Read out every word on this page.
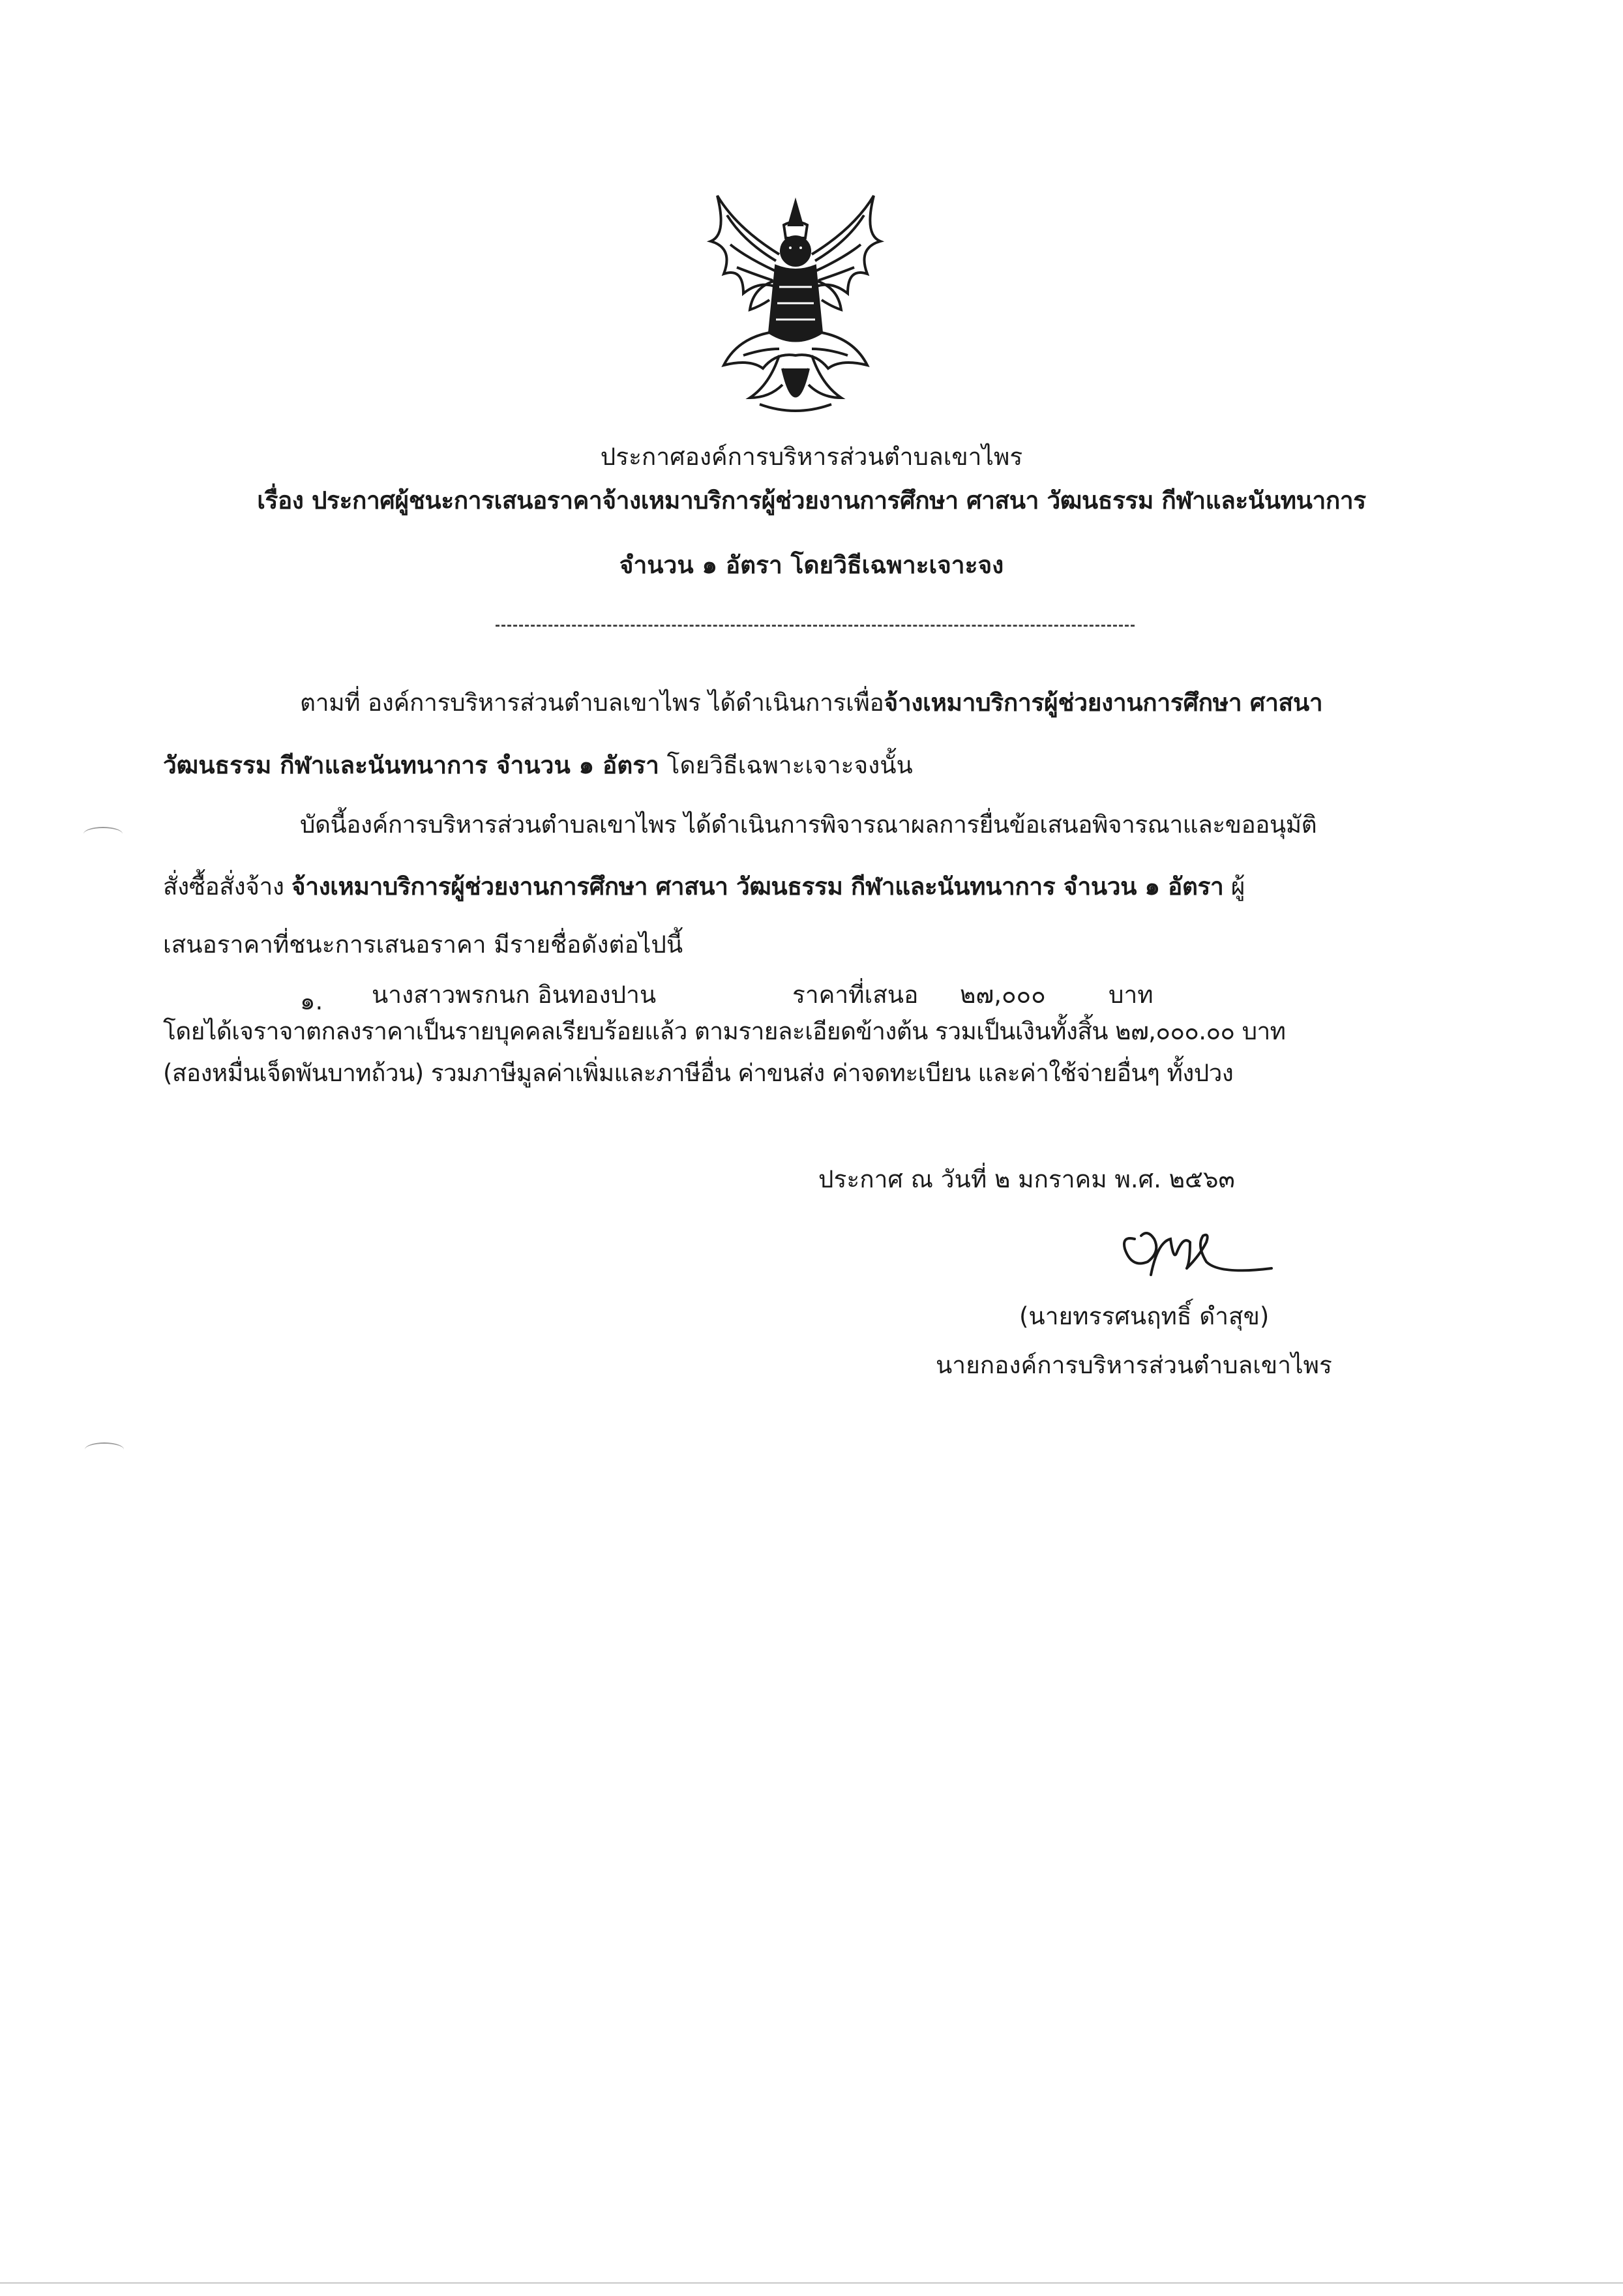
ประกาศองค์การบริหารส่วนตำบลเขาไพร
เรื่อง ประกาศผู้ชนะการเสนอราคาจ้างเหมาบริการผู้ช่วยงานการศึกษา ศาสนา วัฒนธรรม กีฬาและนันทนาการ
จำนวน ๑ อัตรา โดยวิธีเฉพาะเจาะจง
ตามที่ องค์การบริหารส่วนตำบลเขาไพร ได้ดำเนินการเพื่อจ้างเหมาบริการผู้ช่วยงานการศึกษา ศาสนา
วัฒนธรรม กีฬาและนันทนาการ จำนวน ๑ อัตรา โดยวิธีเฉพาะเจาะจงนั้น
บัดนี้องค์การบริหารส่วนตำบลเขาไพร ได้ดำเนินการพิจารณาผลการยื่นข้อเสนอพิจารณาและขออนุมัติ
สั่งซื้อสั่งจ้าง จ้างเหมาบริการผู้ช่วยงานการศึกษา ศาสนา วัฒนธรรม กีฬาและนันทนาการ จำนวน ๑ อัตรา ผู้
เสนอราคาที่ชนะการเสนอราคา มีรายชื่อดังต่อไปนี้
๑. นางสาวพรกนก อินทองปาน	ราคาที่เสนอ ๒๗,๐๐๐	บาท
โดยได้เจราจาตกลงราคาเป็นรายบุคคลเรียบร้อยแล้ว ตามรายละเอียดข้างต้น รวมเป็นเงินทั้งสิ้น ๒๗,๐๐๐.๐๐ บาท
(สองหมื่นเจ็ดพันบาทถ้วน) รวมภาษีมูลค่าเพิ่มและภาษีอื่น ค่าขนส่ง ค่าจดทะเบียน และค่าใช้จ่ายอื่นๆ ทั้งปวง
ประกาศ ณ วันที่ ๒ มกราคม พ.ศ. ๒๕๖๓
(นายทรรศนฤทธิ์ ดำสุข)
นายกองค์การบริหารส่วนตำบลเขาไพร
